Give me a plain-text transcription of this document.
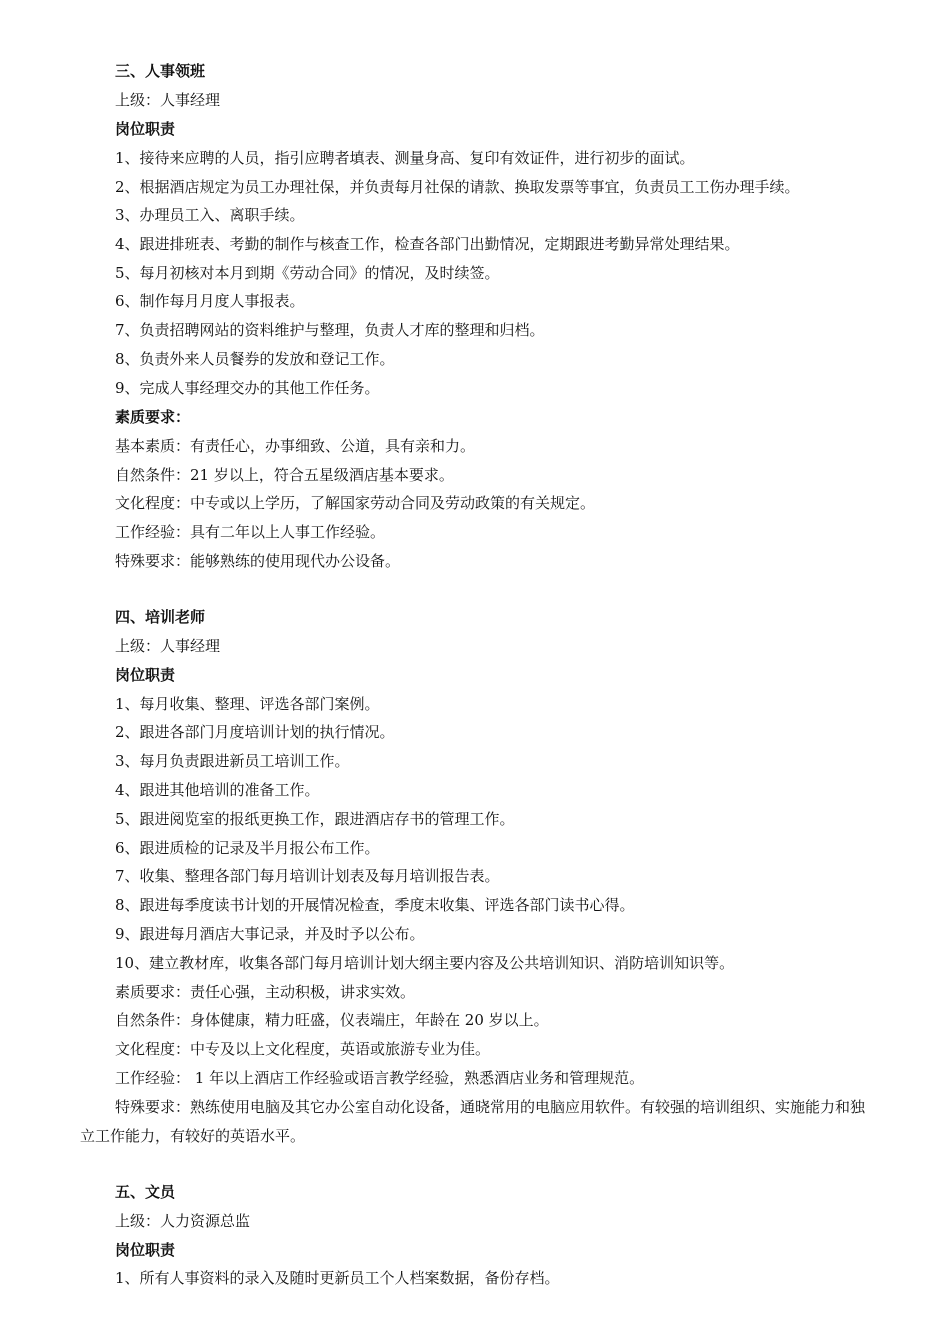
三、人事领班
上级：人事经理
岗位职责
1、接待来应聘的人员，指引应聘者填表、测量身高、复印有效证件，进行初步的面试。
2、根据酒店规定为员工办理社保，并负责每月社保的请款、换取发票等事宜，负责员工工伤办理手续。
3、办理员工入、离职手续。
4、跟进排班表、考勤的制作与核查工作，检查各部门出勤情况，定期跟进考勤异常处理结果。
5、每月初核对本月到期《劳动合同》的情况，及时续签。
6、制作每月月度人事报表。
7、负责招聘网站的资料维护与整理，负责人才库的整理和归档。
8、负责外来人员餐券的发放和登记工作。
9、完成人事经理交办的其他工作任务。
素质要求：
基本素质：有责任心，办事细致、公道，具有亲和力。
自然条件：21 岁以上，符合五星级酒店基本要求。
文化程度：中专或以上学历，了解国家劳动合同及劳动政策的有关规定。
工作经验：具有二年以上人事工作经验。
特殊要求：能够熟练的使用现代办公设备。
四、培训老师
上级：人事经理
岗位职责
1、每月收集、整理、评选各部门案例。
2、跟进各部门月度培训计划的执行情况。
3、每月负责跟进新员工培训工作。
4、跟进其他培训的准备工作。
5、跟进阅览室的报纸更换工作，跟进酒店存书的管理工作。
6、跟进质检的记录及半月报公布工作。
7、收集、整理各部门每月培训计划表及每月培训报告表。
8、跟进每季度读书计划的开展情况检查，季度末收集、评选各部门读书心得。
9、跟进每月酒店大事记录，并及时予以公布。
10、建立教材库，收集各部门每月培训计划大纲主要内容及公共培训知识、消防培训知识等。
素质要求：责任心强，主动积极，讲求实效。
自然条件：身体健康，精力旺盛，仪表端庄，年龄在 20 岁以上。
文化程度：中专及以上文化程度，英语或旅游专业为佳。
工作经验： 1 年以上酒店工作经验或语言教学经验，熟悉酒店业务和管理规范。
特殊要求：熟练使用电脑及其它办公室自动化设备，通晓常用的电脑应用软件。有较强的培训组织、实施能力和独立工作能力，有较好的英语水平。
五、文员
上级：人力资源总监
岗位职责
1、所有人事资料的录入及随时更新员工个人档案数据，备份存档。
